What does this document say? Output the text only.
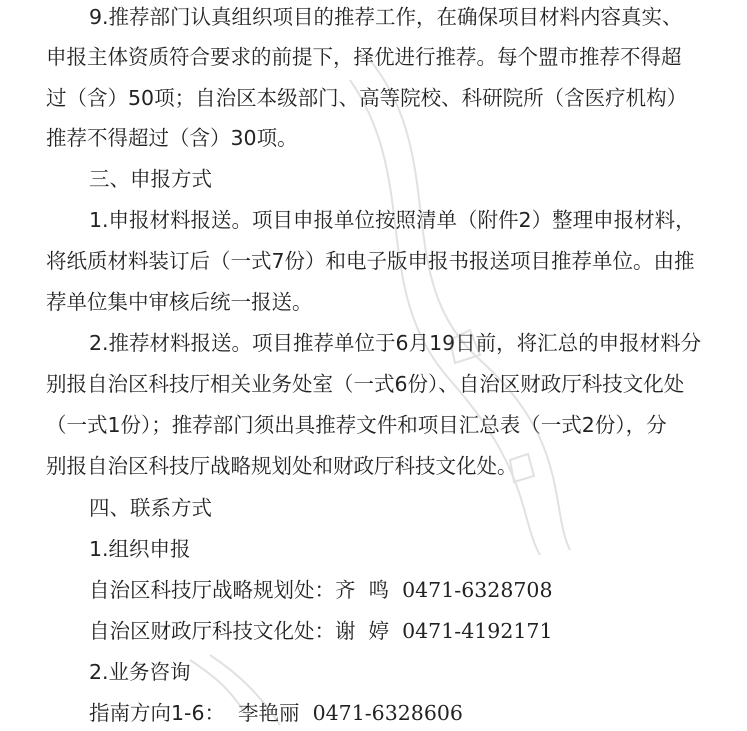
9.推荐部门认真组织项目的推荐工作，在确保项目材料内容真实、
申报主体资质符合要求的前提下，择优进行推荐。每个盟市推荐不得超
过（含）50项；自治区本级部门、高等院校、科研院所（含医疗机构）
推荐不得超过（含）30项。
三、申报方式
1.申报材料报送。项目申报单位按照清单（附件2）整理申报材料，
将纸质材料装订后（一式7份）和电子版申报书报送项目推荐单位。由推
荐单位集中审核后统一报送。
2.推荐材料报送。项目推荐单位于6月19日前，将汇总的申报材料分
别报自治区科技厅相关业务处室（一式6份）、自治区财政厅科技文化处
（一式1份）；推荐部门须出具推荐文件和项目汇总表（一式2份），分
别报自治区科技厅战略规划处和财政厅科技文化处。
四、联系方式
1.组织申报
自治区科技厅战略规划处：齐  鸣 0471-6328708
自治区财政厅科技文化处：谢  婷 0471-4192171
2.业务咨询
指南方向1-6： 李艳丽 0471-6328606
